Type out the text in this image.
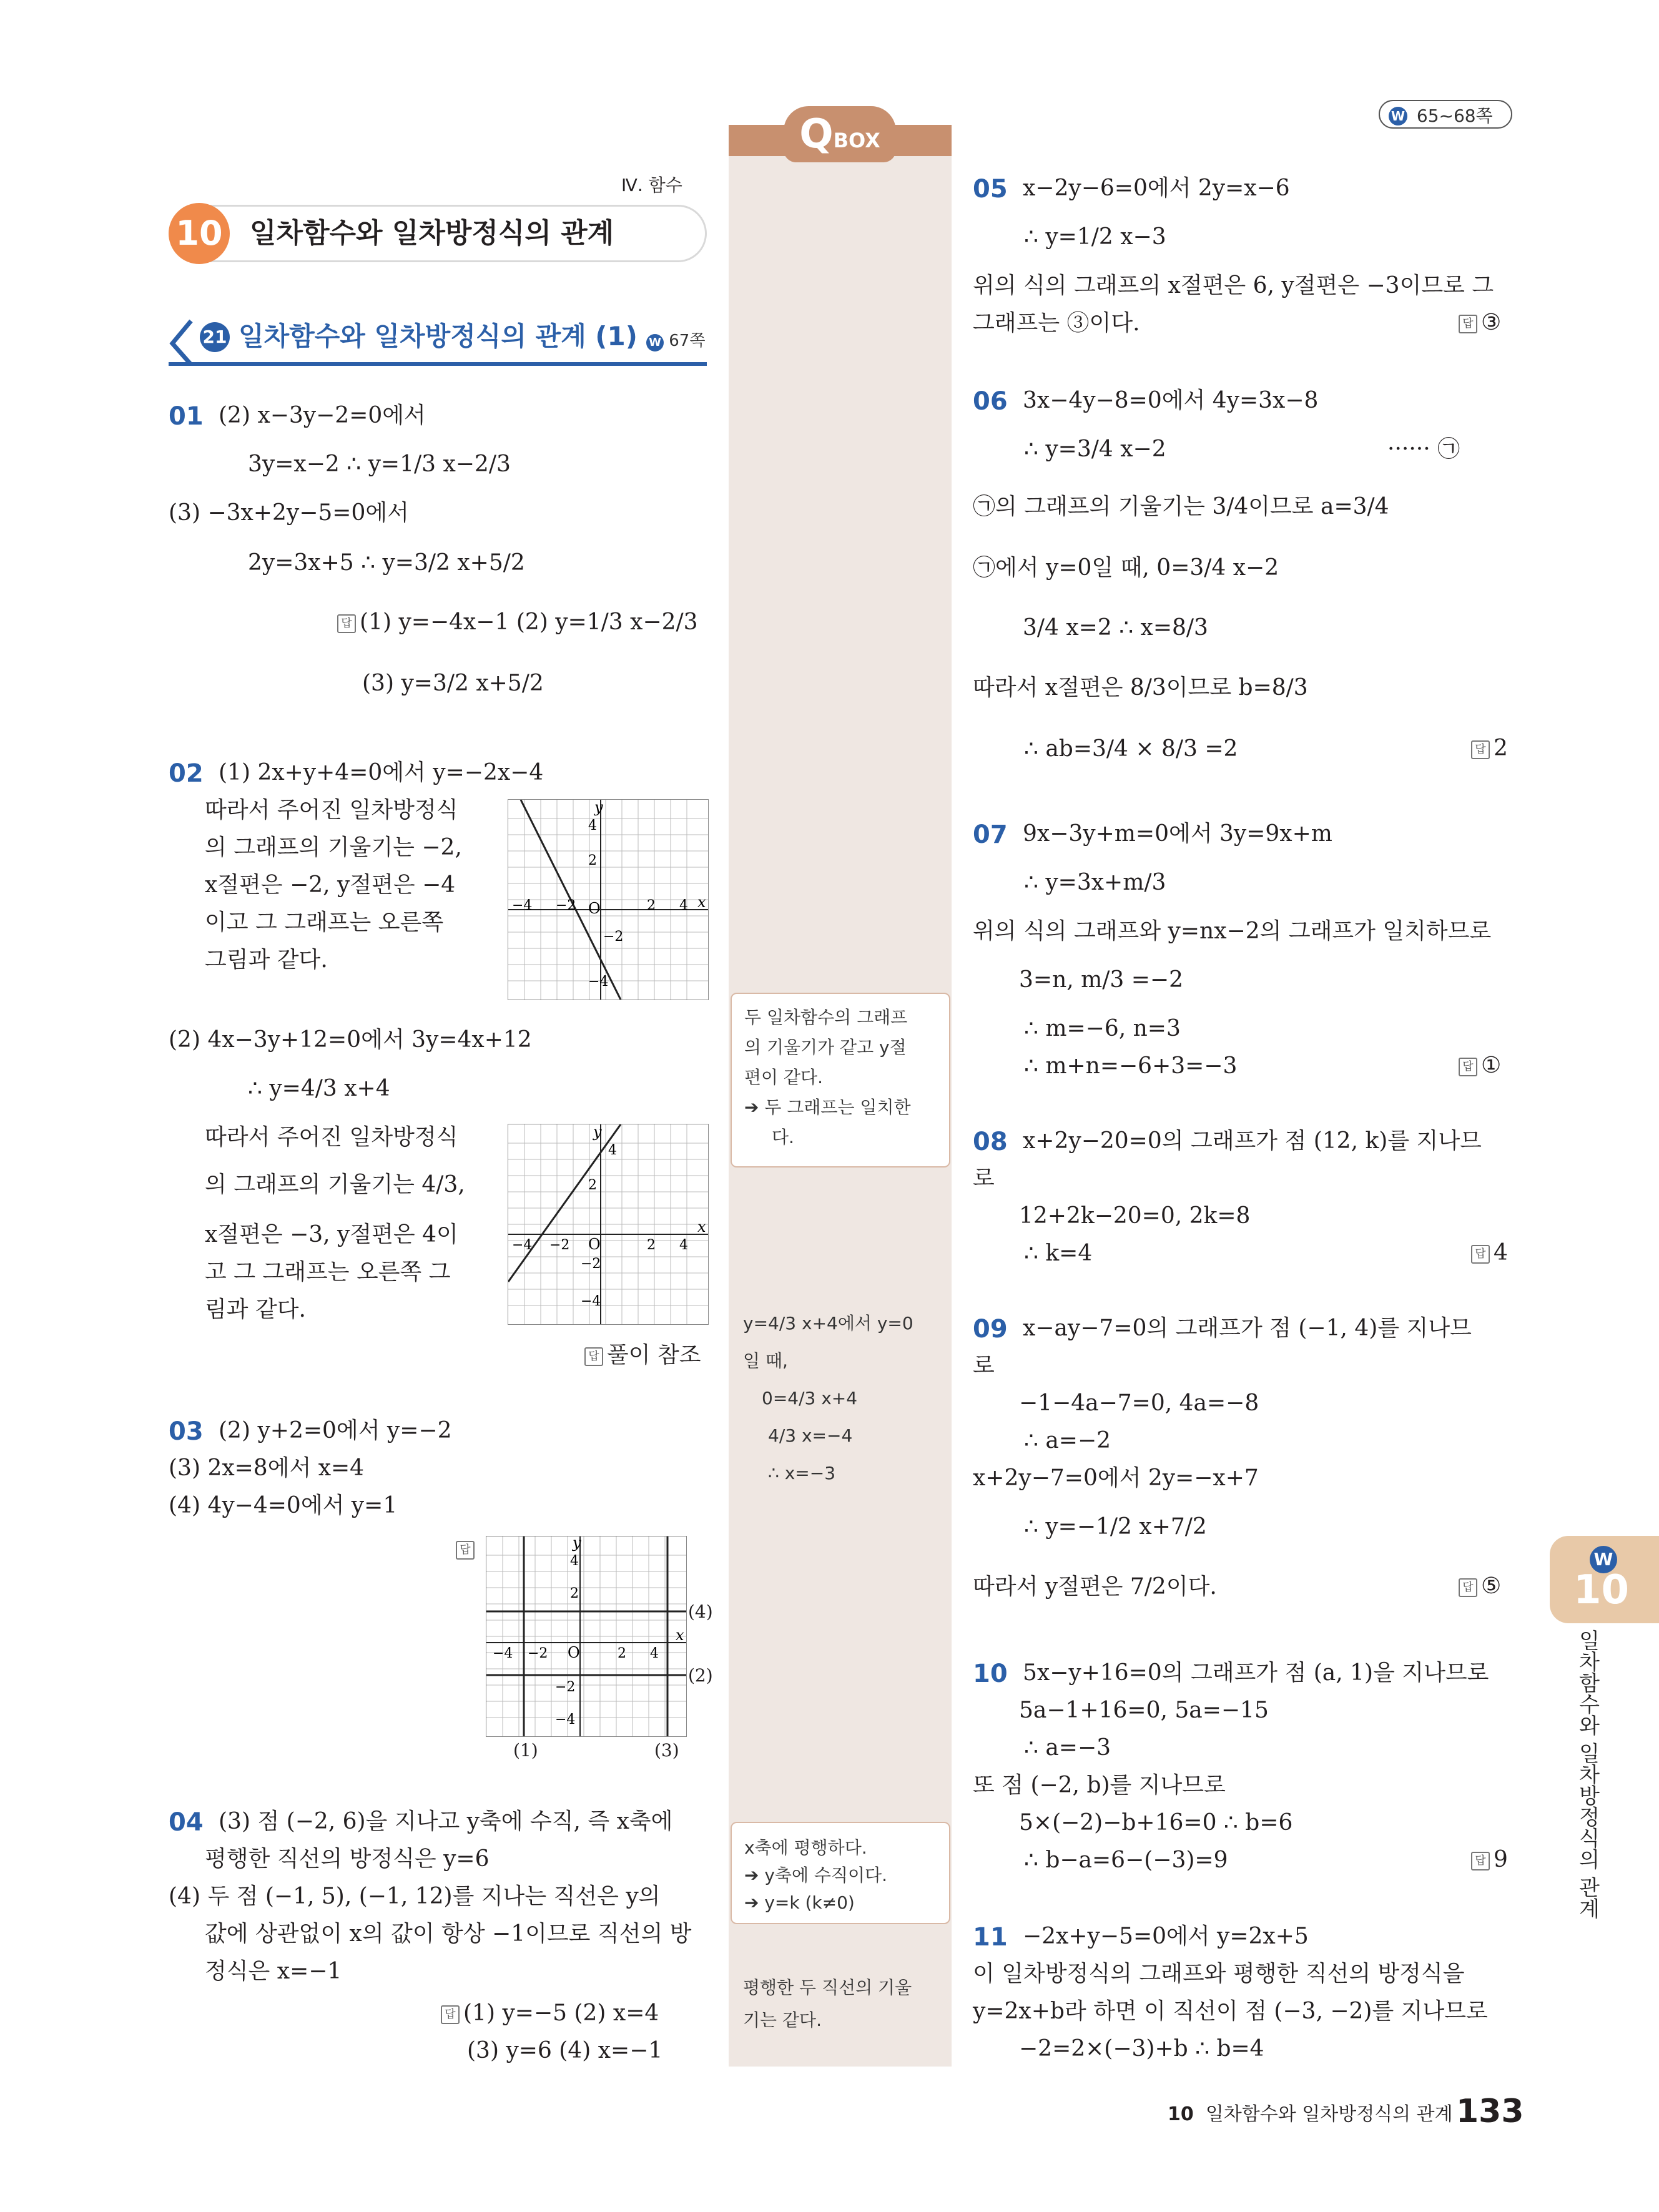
W 65~68쪽
QBOX
Ⅳ. 함수
10 일차함수와 일차방정식의 관계
21 일차함수와 일차방정식의 관계 (1) W 67쪽
01 (2) x−3y−2=0에서
3y=x−2 ∴ y=1/3 x−2/3
(3) −3x+2y−5=0에서
2y=3x+5 ∴ y=3/2 x+5/2
답 (1) y=−4x−1 (2) y=1/3 x−2/3
(3) y=3/2 x+5/2
02 (1) 2x+y+4=0에서 y=−2x−4
따라서 주어진 일차방정식
의 그래프의 기울기는 −2,
x절편은 −2, y절편은 −4
이고 그 그래프는 오른쪽
그림과 같다.
y
x
O
4
2
−2
2 4
−4 −2
−4
(2) 4x−3y+12=0에서 3y=4x+12
∴ y=4/3 x+4
따라서 주어진 일차방정식
의 그래프의 기울기는 4/3,
x절편은 −3, y절편은 4이
고 그 그래프는 오른쪽 그
림과 같다.
y
x
O
4
2
−2
−4
2 4
−4 −2
답 풀이 참조
03 (2) y+2=0에서 y=−2
(3) 2x=8에서 x=4
(4) 4y−4=0에서 y=1
답	y
x
O
4
2
−2
−4
−4 −2	2 4
(4)
(2)
(1)	(3)
04 (3) 점 (−2, 6)을 지나고 y축에 수직, 즉 x축에
평행한 직선의 방정식은 y=6
(4) 두 점 (−1, 5), (−1, 12)를 지나는 직선은 y의
값에 상관없이 x의 값이 항상 −1이므로 직선의 방
정식은 x=−1
답 (1) y=−5 (2) x=4
(3) y=6 (4) x=−1
두 일차함수의 그래프
의 기울기가 같고 y절
편이 같다.
➔ 두 그래프는 일치한
다.
y=4/3 x+4에서 y=0
일 때,
0=4/3 x+4
4/3 x=−4
∴ x=−3
x축에 평행하다.
➔ y축에 수직이다.
➔ y=k (k≠0)
평행한 두 직선의 기울
기는 같다.
05 x−2y−6=0에서 2y=x−6
∴ y=1/2 x−3
위의 식의 그래프의 x절편은 6, y절편은 −3이므로 그
그래프는 ③이다.	답 ③
06 3x−4y−8=0에서 4y=3x−8
∴ y=3/4 x−2	······ ㉠
㉠의 그래프의 기울기는 3/4이므로 a=3/4
㉠에서 y=0일 때, 0=3/4 x−2
3/4 x=2 ∴ x=8/3
따라서 x절편은 8/3이므로 b=8/3
∴ ab=3/4 × 8/3 =2	답 2
07 9x−3y+m=0에서 3y=9x+m
∴ y=3x+m/3
위의 식의 그래프와 y=nx−2의 그래프가 일치하므로
3=n, m/3 =−2
∴ m=−6, n=3
∴ m+n=−6+3=−3	답 ①
08 x+2y−20=0의 그래프가 점 (12, k)를 지나므
로
12+2k−20=0, 2k=8
∴ k=4	답 4
09 x−ay−7=0의 그래프가 점 (−1, 4)를 지나므
로
−1−4a−7=0, 4a=−8
∴ a=−2
x+2y−7=0에서 2y=−x+7
∴ y=−1/2 x+7/2
따라서 y절편은 7/2이다.	답 ⑤
10 5x−y+16=0의 그래프가 점 (a, 1)을 지나므로
5a−1+16=0, 5a=−15
∴ a=−3
또 점 (−2, b)를 지나므로
5×(−2)−b+16=0 ∴ b=6
∴ b−a=6−(−3)=9	답 9
11 −2x+y−5=0에서 y=2x+5
이 일차방정식의 그래프와 평행한 직선의 방정식을
y=2x+b라 하면 이 직선이 점 (−3, −2)를 지나므로
−2=2×(−3)+b ∴ b=4
W
10
일차함수와 일차방정식의 관계
10 일차함수와 일차방정식의 관계 133
